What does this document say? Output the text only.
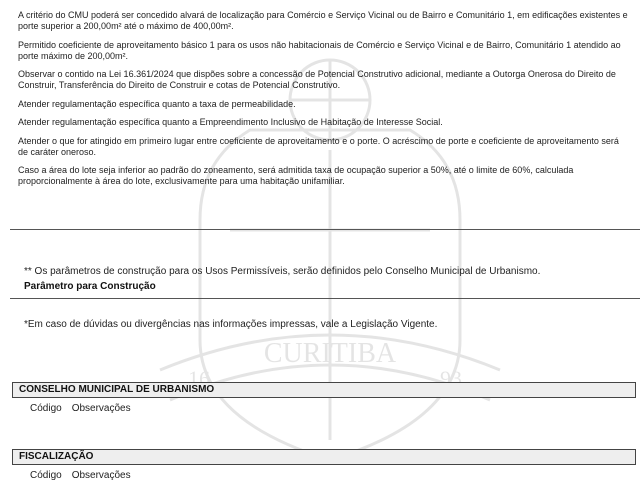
CURITIBA
16	93

A critério do CMU poderá ser concedido alvará de localização para Comércio e Serviço Vicinal ou de Bairro e Comunitário 1, em edificações existentes e porte superior a 200,00m² até o máximo de 400,00m².

Permitido coeficiente de aproveitamento básico 1 para os usos não habitacionais de Comércio e Serviço Vicinal e de Bairro, Comunitário 1 atendido ao porte máximo de 200,00m².

Observar o contido na Lei 16.361/2024 que dispões sobre a concessão de Potencial Construtivo adicional, mediante a Outorga Onerosa do Direito de Construir, Transferência do Direito de Construir e cotas de Potencial Construtivo.

Atender regulamentação específica quanto a taxa de permeabilidade.

Atender regulamentação específica quanto a Empreendimento Inclusivo de Habitação de Interesse Social.

Atender o que for atingido em primeiro lugar entre coeficiente de aproveitamento e o porte. O acréscimo de porte e coeficiente de aproveitamento será de caráter oneroso.

Caso a área do lote seja inferior ao padrão do zoneamento, será admitida taxa de ocupação superior a 50%, até o limite de 60%, calculada proporcionalmente à área do lote, exclusivamente para uma habitação unifamiliar.

** Os parâmetros de construção para os Usos Permissíveis, serão definidos pelo Conselho Municipal de Urbanismo.
Parâmetro para Construção
*Em caso de dúvidas ou divergências nas informações impressas, vale a Legislação Vigente.
CONSELHO MUNICIPAL DE URBANISMO
Código Observações
FISCALIZAÇÃO
Código Observações
